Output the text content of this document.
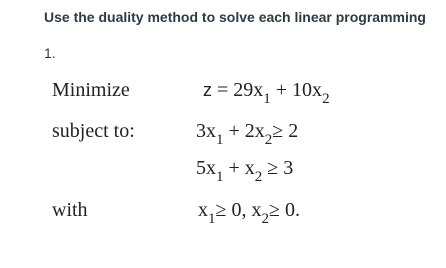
Use the duality method to solve each linear programming
1.
Minimize	$z = 29x_1 + 10x_2$
subject to:	$3x_1 + 2x_2\ge 2$
$5x_1 + x_2 \ge 3$
with	$x_1\ge 0$, $x_2\ge 0$.
